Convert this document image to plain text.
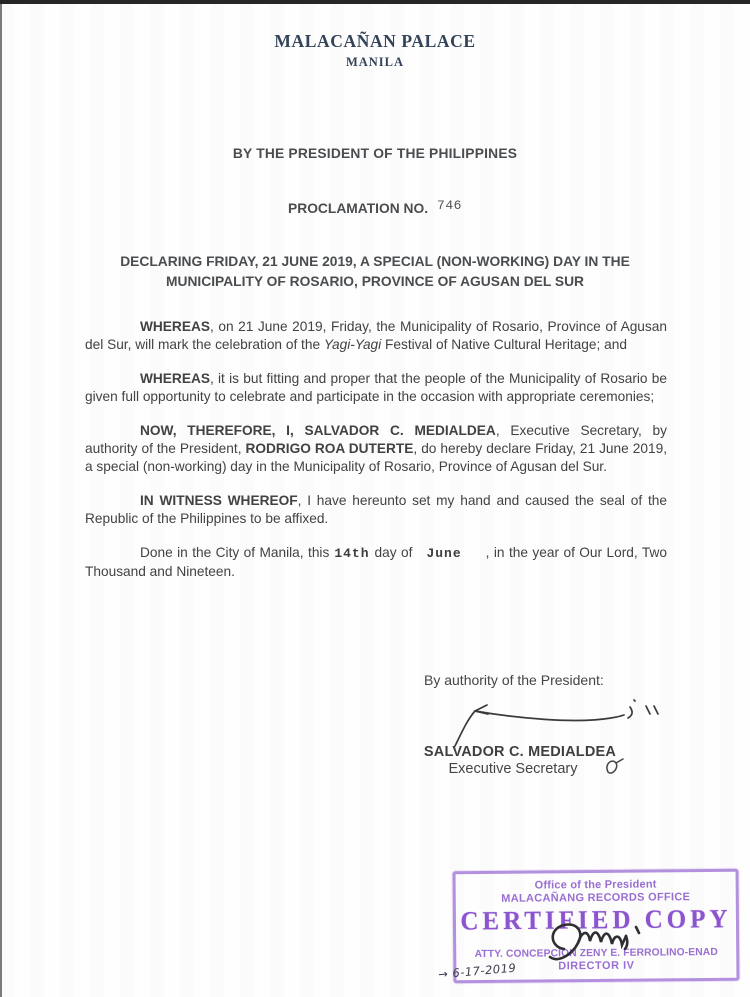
MALACAÑAN PALACE
MANILA
BY THE PRESIDENT OF THE PHILIPPINES
PROCLAMATION NO. 746
DECLARING FRIDAY, 21 JUNE 2019, A SPECIAL (NON-WORKING) DAY IN THE
MUNICIPALITY OF ROSARIO, PROVINCE OF AGUSAN DEL SUR

WHEREAS, on 21 June 2019, Friday, the Municipality of Rosario, Province of Agusan del Sur, will mark the celebration of the Yagi-Yagi Festival of Native Cultural Heritage; and

WHEREAS, it is but fitting and proper that the people of the Municipality of Rosario be given full opportunity to celebrate and participate in the occasion with appropriate ceremonies;

NOW, THEREFORE, I, SALVADOR C. MEDIALDEA, Executive Secretary, by authority of the President, RODRIGO ROA DUTERTE, do hereby declare Friday, 21 June 2019, a special (non-working) day in the Municipality of Rosario, Province of Agusan del Sur.

IN WITNESS WHEREOF, I have hereunto set my hand and caused the seal of the Republic of the Philippines to be affixed.

Done in the City of Manila, this 14th day of June , in the year of Our Lord, Two Thousand and Nineteen.

By authority of the President:
SALVADOR C. MEDIALDEA
Executive Secretary
Office of the President
MALACAÑANG RECORDS OFFICE
CERTIFIED COPY
ATTY. CONCEPCION ZENY E. FERROLINO-ENAD
DIRECTOR IV
→ 6-17-2019
